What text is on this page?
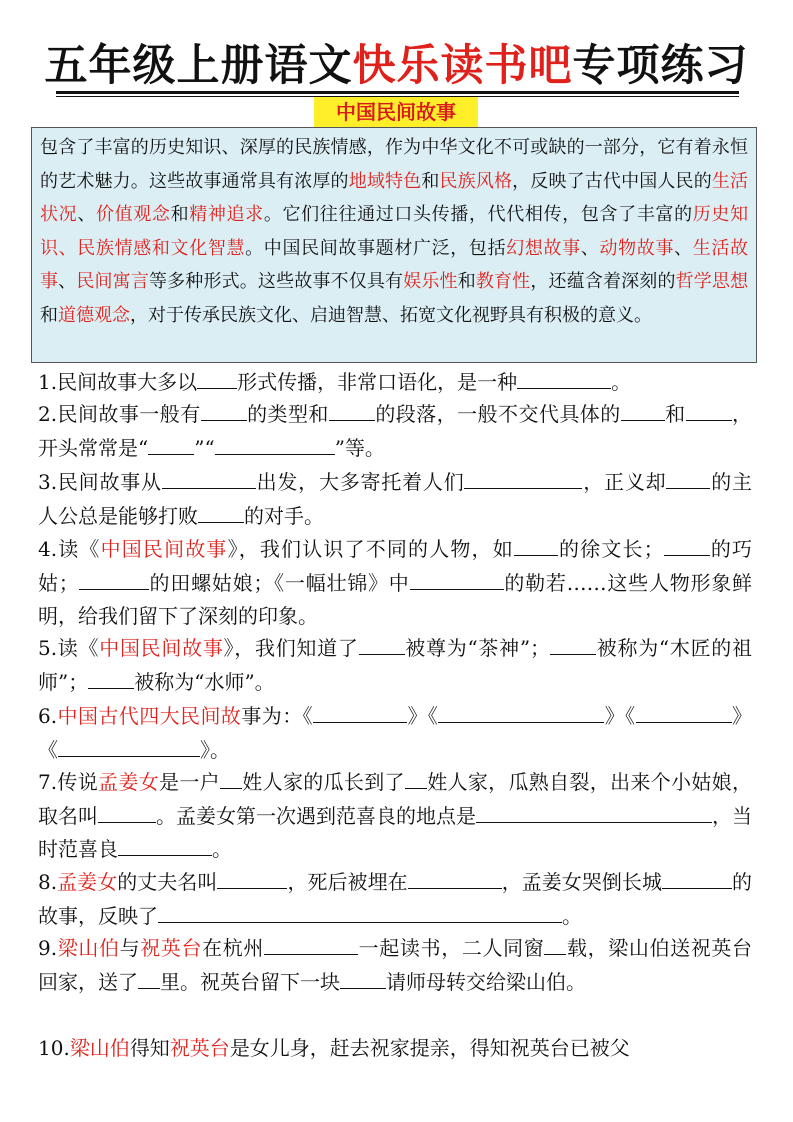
五年级上册语文快乐读书吧专项练习
中国民间故事
包含了丰富的历史知识、深厚的民族情感，作为中华文化不可或缺的一部分，它有着永恒的艺术魅力。这些故事通常具有浓厚的地域特色和民族风格，反映了古代中国人民的生活状况、价值观念和精神追求。它们往往通过口头传播，代代相传，包含了丰富的历史知识、民族情感和文化智慧。中国民间故事题材广泛，包括幻想故事、动物故事、生活故事、民间寓言等多种形式。这些故事不仅具有娱乐性和教育性，还蕴含着深刻的哲学思想和道德观念，对于传承民族文化、启迪智慧、拓宽文化视野具有积极的意义。
1.民间故事大多以 形式传播，非常口语化，是一种	。
2.民间故事一般有 的类型和 的段落，一般不交代具体的 和 ，开头常常是“ ”“	”等。
3.民间故事从	出发，大多寄托着人们	，正义却 的主人公总是能够打败 的对手。
4.读《中国民间故事》，我们认识了不同的人物，如 的徐文长； 的巧姑；	的田螺姑娘；《一幅壮锦》中	的勒若……这些人物形象鲜明，给我们留下了深刻的印象。
5.读《中国民间故事》，我们知道了 被尊为“茶神”； 被称为“木匠的祖师”； 被称为“水师”。
6.中国古代四大民间故事为：《	》《	》《	》《	》。
7.传说孟姜女是一户 姓人家的瓜长到了 姓人家，瓜熟自裂，出来个小姑娘，取名叫	。孟姜女第一次遇到范喜良的地点是	，当时范喜良	。
8.孟姜女的丈夫名叫	，死后被埋在	，孟姜女哭倒长城	的故事，反映了	。
9.梁山伯与祝英台在杭州	一起读书，二人同窗 载，梁山伯送祝英台回家，送了 里。祝英台留下一块 请师母转交给梁山伯。
10.梁山伯得知祝英台是女儿身，赶去祝家提亲，得知祝英台已被父
